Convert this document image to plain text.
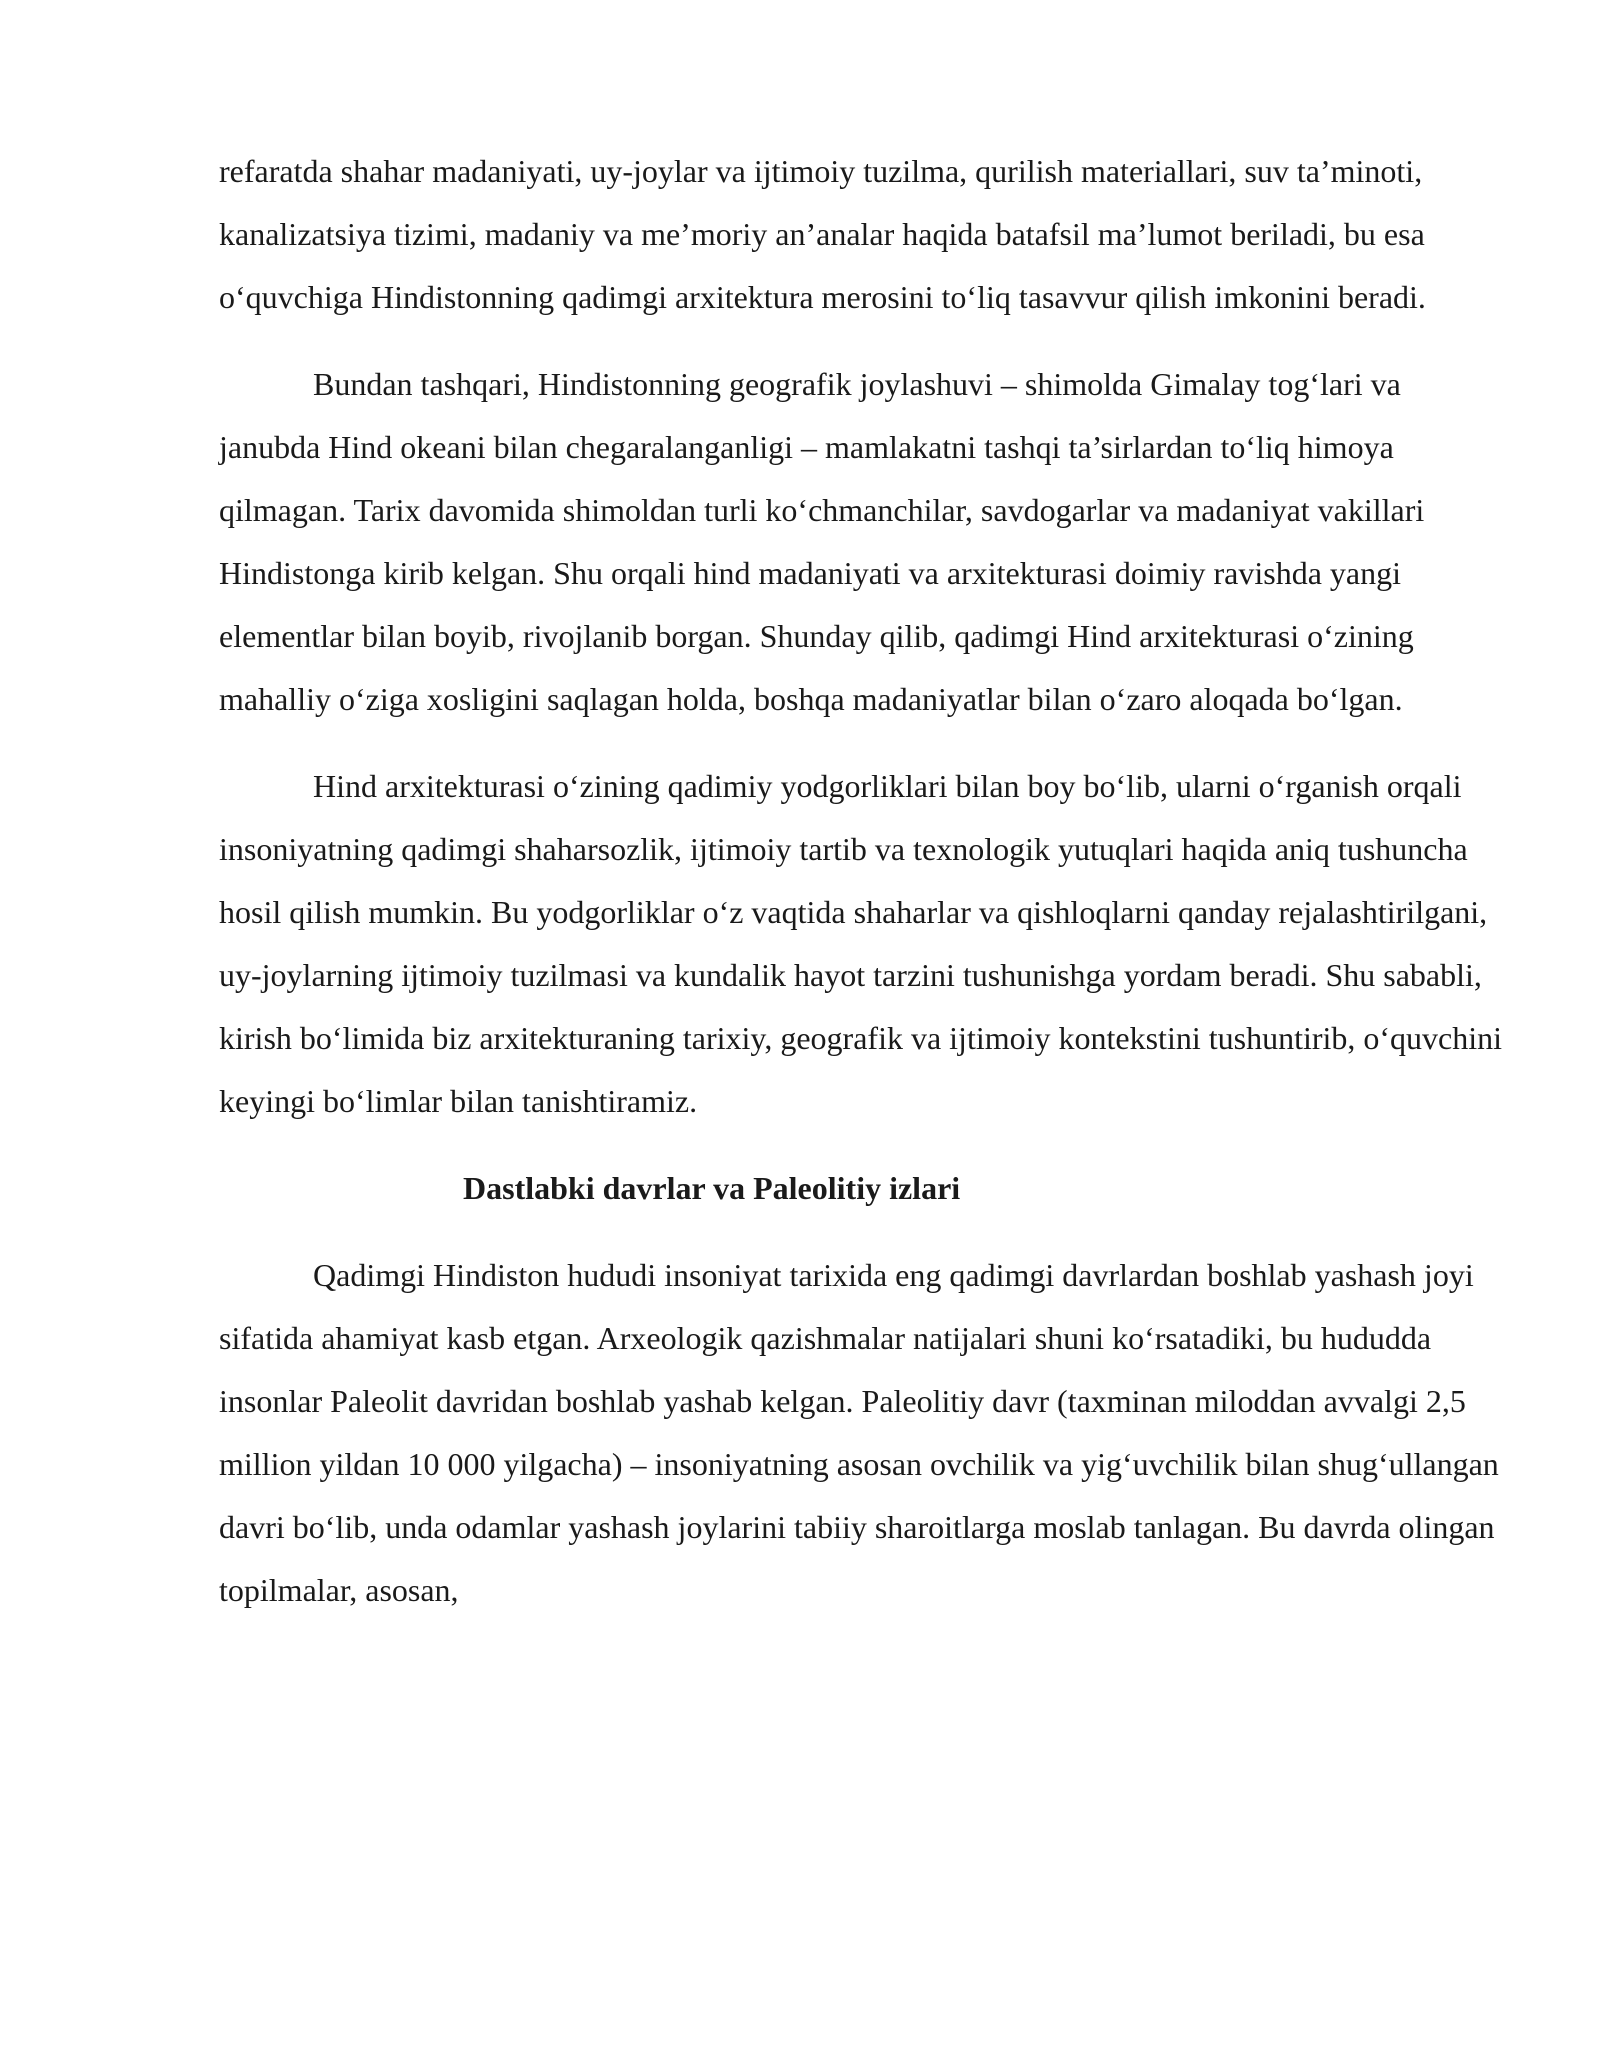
refaratda shahar madaniyati, uy-joylar va ijtimoiy tuzilma, qurilish materiallari, suv ta’minoti, kanalizatsiya tizimi, madaniy va me’moriy an’analar haqida batafsil ma’lumot beriladi, bu esa o‘quvchiga Hindistonning qadimgi arxitektura merosini to‘liq tasavvur qilish imkonini beradi.

Bundan tashqari, Hindistonning geografik joylashuvi – shimolda Gimalay tog‘lari va janubda Hind okeani bilan chegaralanganligi – mamlakatni tashqi ta’sirlardan to‘liq himoya qilmagan. Tarix davomida shimoldan turli ko‘chmanchilar, savdogarlar va madaniyat vakillari Hindistonga kirib kelgan. Shu orqali hind madaniyati va arxitekturasi doimiy ravishda yangi elementlar bilan boyib, rivojlanib borgan. Shunday qilib, qadimgi Hind arxitekturasi o‘zining mahalliy o‘ziga xosligini saqlagan holda, boshqa madaniyatlar bilan o‘zaro aloqada bo‘lgan.

Hind arxitekturasi o‘zining qadimiy yodgorliklari bilan boy bo‘lib, ularni o‘rganish orqali insoniyatning qadimgi shaharsozlik, ijtimoiy tartib va texnologik yutuqlari haqida aniq tushuncha hosil qilish mumkin. Bu yodgorliklar o‘z vaqtida shaharlar va qishloqlarni qanday rejalashtirilgani, uy-joylarning ijtimoiy tuzilmasi va kundalik hayot tarzini tushunishga yordam beradi. Shu sababli, kirish bo‘limida biz arxitekturaning tarixiy, geografik va ijtimoiy kontekstini tushuntirib, o‘quvchini keyingi bo‘limlar bilan tanishtiramiz.

Dastlabki davrlar va Paleolitiy izlari

Qadimgi Hindiston hududi insoniyat tarixida eng qadimgi davrlardan boshlab yashash joyi sifatida ahamiyat kasb etgan. Arxeologik qazishmalar natijalari shuni ko‘rsatadiki, bu hududda insonlar Paleolit davridan boshlab yashab kelgan. Paleolitiy davr (taxminan miloddan avvalgi 2,5 million yildan 10 000 yilgacha) – insoniyatning asosan ovchilik va yig‘uvchilik bilan shug‘ullangan davri bo‘lib, unda odamlar yashash joylarini tabiiy sharoitlarga moslab tanlagan. Bu davrda olingan topilmalar, asosan,
